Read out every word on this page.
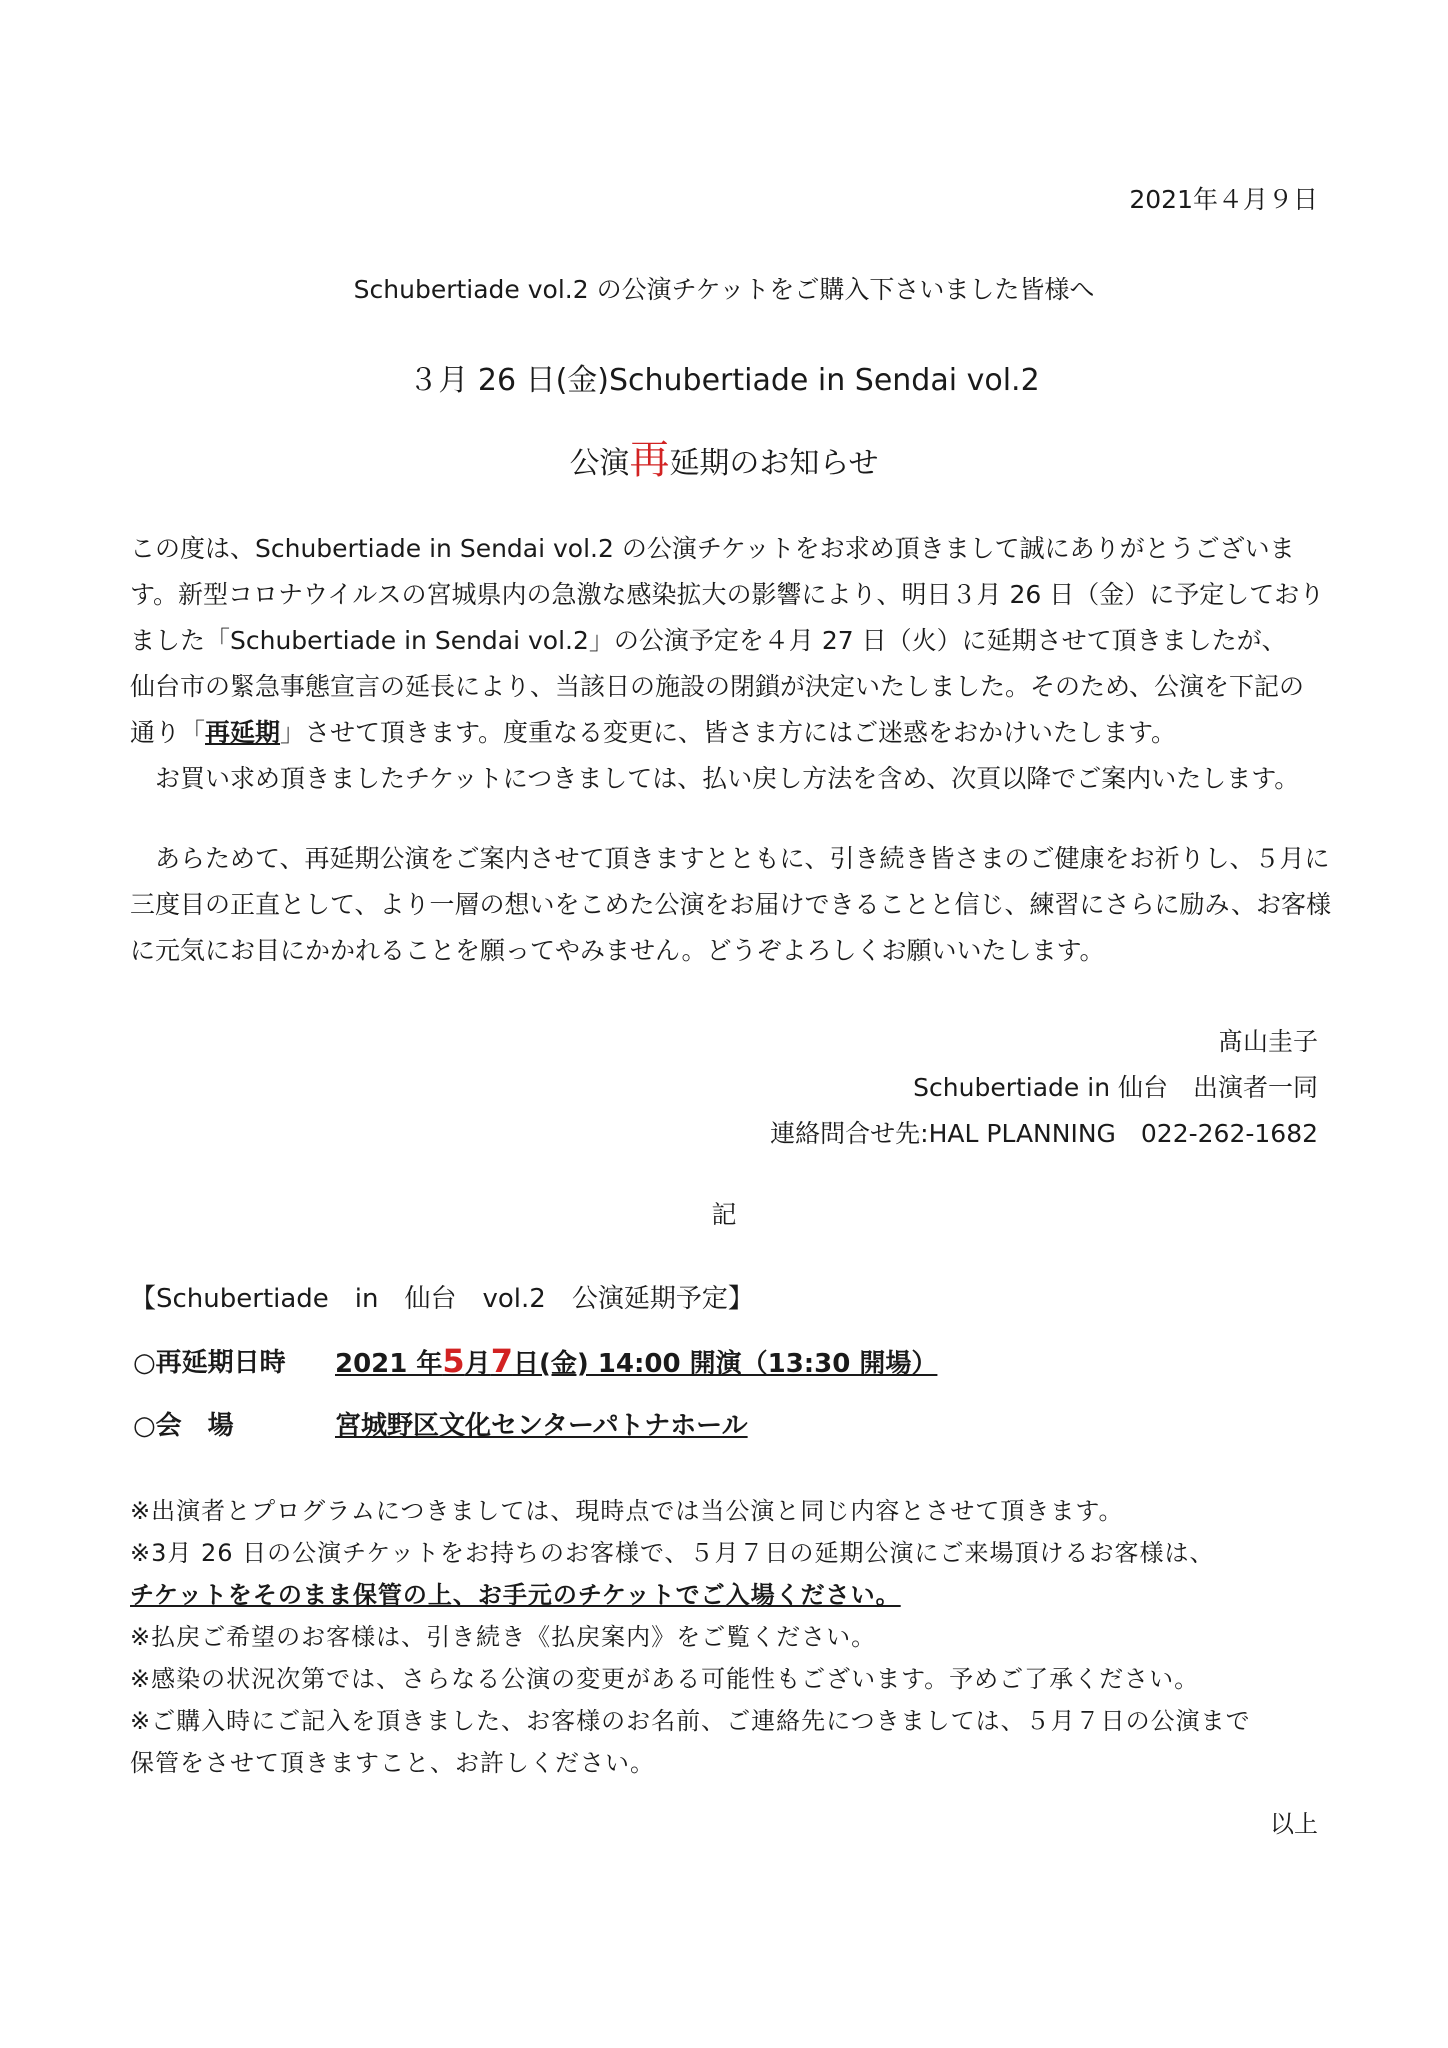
2021年４月９日
Schubertiade vol.2 の公演チケットをご購入下さいました皆様へ
３月 26 日(金)Schubertiade in Sendai vol.2
公演再延期のお知らせ

この度は、Schubertiade in Sendai vol.2 の公演チケットをお求め頂きまして誠にありがとうございま

す。新型コロナウイルスの宮城県内の急激な感染拡大の影響により、明日３月 26 日（金）に予定しており

ました「Schubertiade in Sendai vol.2」の公演予定を４月 27 日（火）に延期させて頂きましたが、

仙台市の緊急事態宣言の延長により、当該日の施設の閉鎖が決定いたしました。そのため、公演を下記の

通り「再延期」させて頂きます。度重なる変更に、皆さま方にはご迷惑をおかけいたします。

　お買い求め頂きましたチケットにつきましては、払い戻し方法を含め、次頁以降でご案内いたします。

　あらためて、再延期公演をご案内させて頂きますとともに、引き続き皆さまのご健康をお祈りし、５月に

三度目の正直として、より一層の想いをこめた公演をお届けできることと信じ、練習にさらに励み、お客様

に元気にお目にかかれることを願ってやみません。どうぞよろしくお願いいたします。

髙山圭子
Schubertiade in 仙台　出演者一同
連絡問合せ先:HAL PLANNING　022-262-1682
記
【Schubertiade　in　仙台　vol.2　公演延期予定】
○再延期日時 2021 年5月7日(金) 14:00 開演（13:30 開場）
○会　場	宮城野区文化センターパトナホール

※出演者とプログラムにつきましては、現時点では当公演と同じ内容とさせて頂きます。

※3月 26 日の公演チケットをお持ちのお客様で、５月７日の延期公演にご来場頂けるお客様は、

チケットをそのまま保管の上、お手元のチケットでご入場ください。

※払戻ご希望のお客様は、引き続き《払戻案内》をご覧ください。

※感染の状況次第では、さらなる公演の変更がある可能性もございます。予めご了承ください。

※ご購入時にご記入を頂きました、お客様のお名前、ご連絡先につきましては、５月７日の公演まで

保管をさせて頂きますこと、お許しください。

以上
